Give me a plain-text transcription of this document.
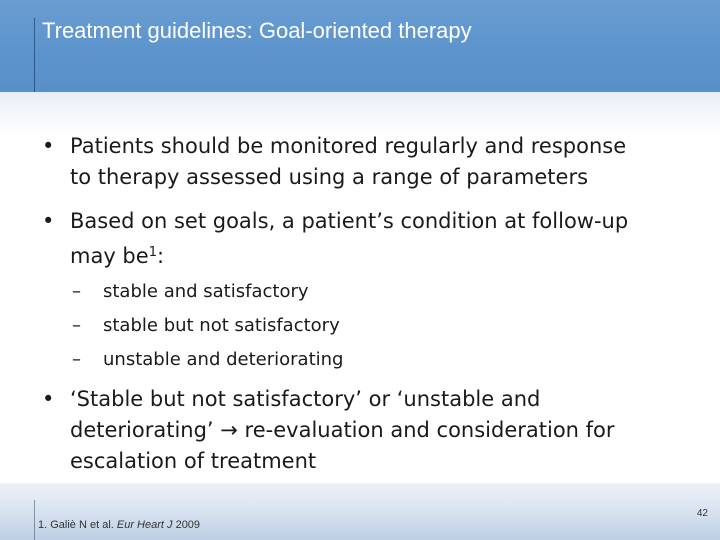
Treatment guidelines: Goal-oriented therapy
• Patients should be monitored regularly and response
to therapy assessed using a range of parameters
• Based on set goals, a patient’s condition at follow-up
may $be^1$:
– stable and satisfactory
– stable but not satisfactory
– unstable and deteriorating
• ‘Stable but not satisfactory’ or ‘unstable and
deteriorating’ → re-evaluation and consideration for
escalation of treatment
1. Galiè N et al. Eur Heart J 2009
42
